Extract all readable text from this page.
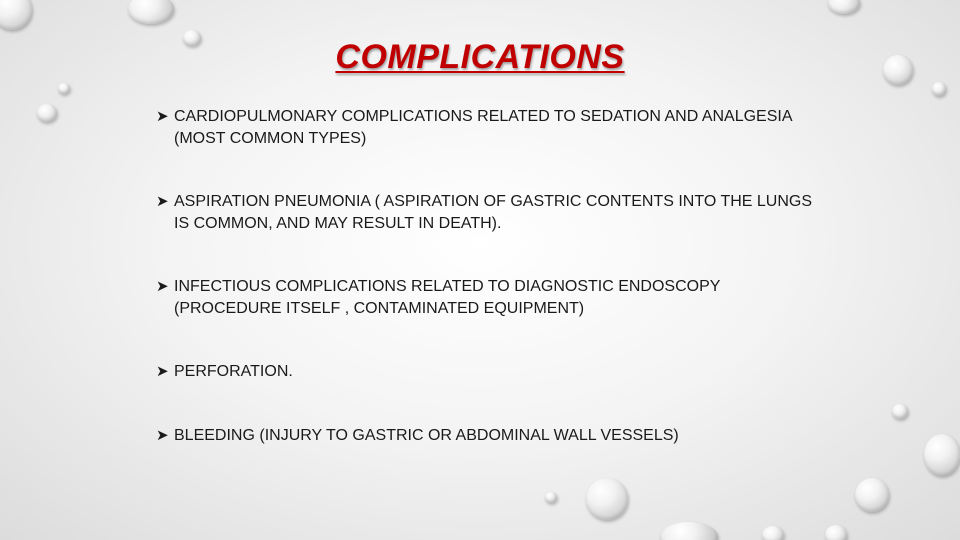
COMPLICATIONS
➤ CARDIOPULMONARY COMPLICATIONS RELATED TO SEDATION AND ANALGESIA (MOST COMMON TYPES)
➤ ASPIRATION PNEUMONIA ( ASPIRATION OF GASTRIC CONTENTS INTO THE LUNGS IS COMMON, AND MAY RESULT IN DEATH).
➤ INFECTIOUS COMPLICATIONS RELATED TO DIAGNOSTIC ENDOSCOPY (PROCEDURE ITSELF , CONTAMINATED EQUIPMENT)
➤ PERFORATION.
➤ BLEEDING (INJURY TO GASTRIC OR ABDOMINAL WALL VESSELS)
